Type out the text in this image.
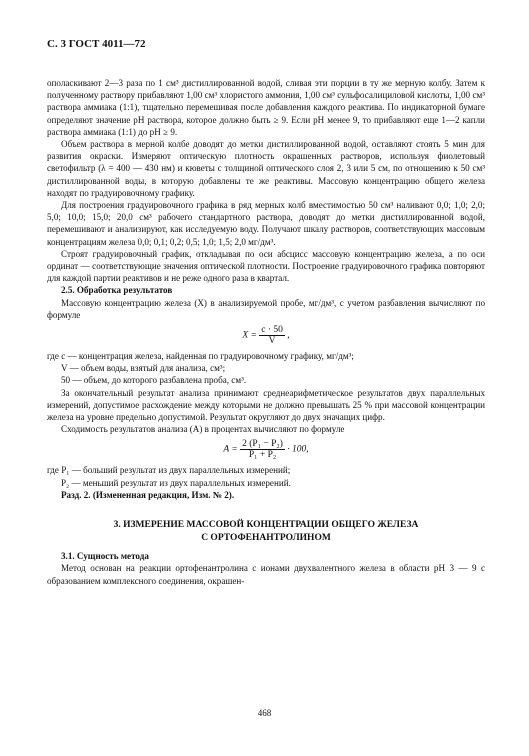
С. 3 ГОСТ 4011—72

ополаскивают 2—3 раза по 1 см³ дистиллированной водой, сливая эти порции в ту же мерную колбу. Затем к полученному раствору прибавляют 1,00 см³ хлористого аммония, 1,00 см³ сульфосалициловой кислоты, 1,00 см³ раствора аммиака (1:1), тщательно перемешивая после добавления каждого реактива. По индикаторной бумаге определяют значение рН раствора, которое должно быть ≥ 9. Если рН менее 9, то прибавляют еще 1—2 капли раствора аммиака (1:1) до рН ≥ 9.

Объем раствора в мерной колбе доводят до метки дистиллированной водой, оставляют стоять 5 мин для развития окраски. Измеряют оптическую плотность окрашенных растворов, используя фиолетовый светофильтр (λ = 400 — 430 нм) и кюветы с толщиной оптического слоя 2, 3 или 5 см, по отношению к 50 см³ дистиллированной воды, в которую добавлены те же реактивы. Массовую концентрацию общего железа находят по градуировочному графику.

Для построения градуировочного графика в ряд мерных колб вместимостью 50 см³ наливают 0,0; 1,0; 2,0; 5,0; 10,0; 15,0; 20,0 см³ рабочего стандартного раствора, доводят до метки дистиллированной водой, перемешивают и анализируют, как исследуемую воду. Получают шкалу растворов, соответствующих массовым концентрациям железа 0,0; 0,1; 0,2; 0,5; 1,0; 1,5; 2,0 мг/дм³.

Строят градуировочный график, откладывая по оси абсцисс массовую концентрацию железа, а по оси ординат — соответствующие значения оптической плотности. Построение градуировочного графика повторяют для каждой партии реактивов и не реже одного раза в квартал.

2.5. Обработка результатов

Массовую концентрацию железа (X) в анализируемой пробе, мг/дм³, с учетом разбавления вычисляют по формуле

$X = \frac{c \cdot 50}{V}$ ,

где c — концентрация железа, найденная по градуировочному графику, мг/дм³;

V — объем воды, взятый для анализа, см³;

50 — объем, до которого разбавлена проба, см³.

За окончательный результат анализа принимают среднеарифметическое результатов двух параллельных измерений, допустимое расхождение между которыми не должно превышать 25 % при массовой концентрации железа на уровне предельно допустимой. Результат округляют до двух значащих цифр.

Сходимость результатов анализа (A) в процентах вычисляют по формуле

$A = \frac{\text{2 (P₁ − P₂)}}{\text{P₁ + P₂}} \cdot 100$,

где P₁ — больший результат из двух параллельных измерений;

P₂ — меньший результат из двух параллельных измерений.

Разд. 2. (Измененная редакция, Изм. № 2).

3. ИЗМЕРЕНИЕ МАССОВОЙ КОНЦЕНТРАЦИИ ОБЩЕГО ЖЕЛЕЗА
С ОРТОФЕНАНТРОЛИНОМ

3.1. Сущность метода

Метод основан на реакции ортофенантролина с ионами двухвалентного железа в области рН 3 — 9 с образованием комплексного соединения, окрашен-

468
